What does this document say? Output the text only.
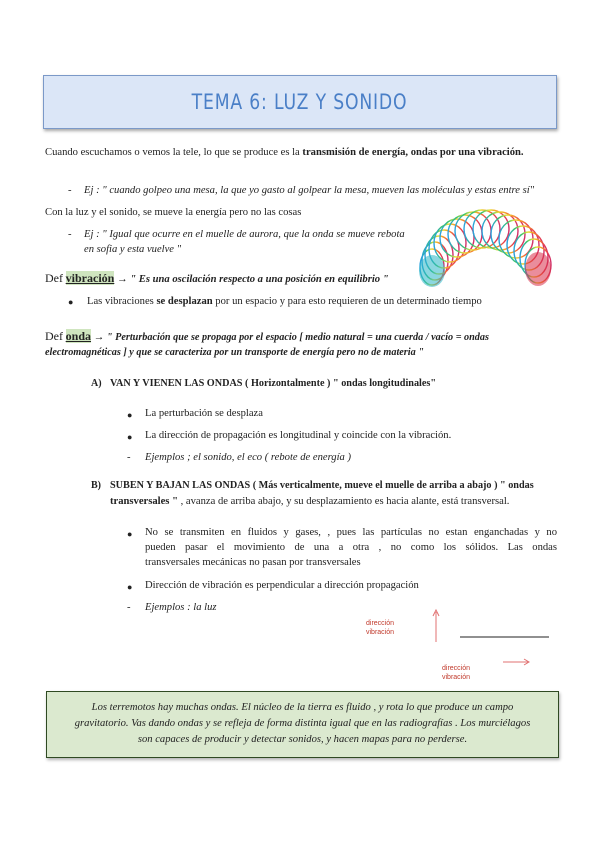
TEMA 6: LUZ Y SONIDO
Cuando escuchamos o vemos la tele, lo que se produce es la transmisión de energía, ondas por una vibración.
- Ej : " cuando golpeo una mesa, la que yo gasto al golpear la mesa, mueven las moléculas y estas entre sí"
Con la luz y el sonido, se mueve la energía pero no las cosas
- Ej : " Igual que ocurre en el muelle de aurora, que la onda se mueve rebota
en sofia y esta vuelve "
Def vibración → " Es una oscilación respecto a una posición en equilibrio "
● Las vibraciones se desplazan por un espacio y para esto requieren de un determinado tiempo
Def onda → " Perturbación que se propaga por el espacio [ medio natural = una cuerda / vacío = ondas
electromagnéticas ] y que se caracteriza por un transporte de energía pero no de materia "
A) VAN Y VIENEN LAS ONDAS ( Horizontalmente ) " ondas longitudinales"
● La perturbación se desplaza
● La dirección de propagación es longitudinal y coincide con la vibración.
- Ejemplos ; el sonido, el eco ( rebote de energía )
B) SUBEN Y BAJAN LAS ONDAS ( Más verticalmente, mueve el muelle de arriba a abajo ) " ondas
transversales " , avanza de arriba abajo, y su desplazamiento es hacia alante, está transversal.
● No se transmiten en fluidos y gases, , pues las partículas no estan enganchadas y no
pueden pasar el movimiento de una a otra , no como los sólidos. Las ondas
transversales mecánicas no pasan por transversales
● Dirección de vibración es perpendicular a dirección propagación
- Ejemplos : la luz
dirección
vibración
dirección
vibración
Los terremotos hay muchas ondas. El núcleo de la tierra es fluido , y rota lo que produce un campo
gravitatorio. Vas dando ondas y se refleja de forma distinta igual que en las radiografías . Los murciélagos
son capaces de producir y detectar sonidos, y hacen mapas para no perderse.
